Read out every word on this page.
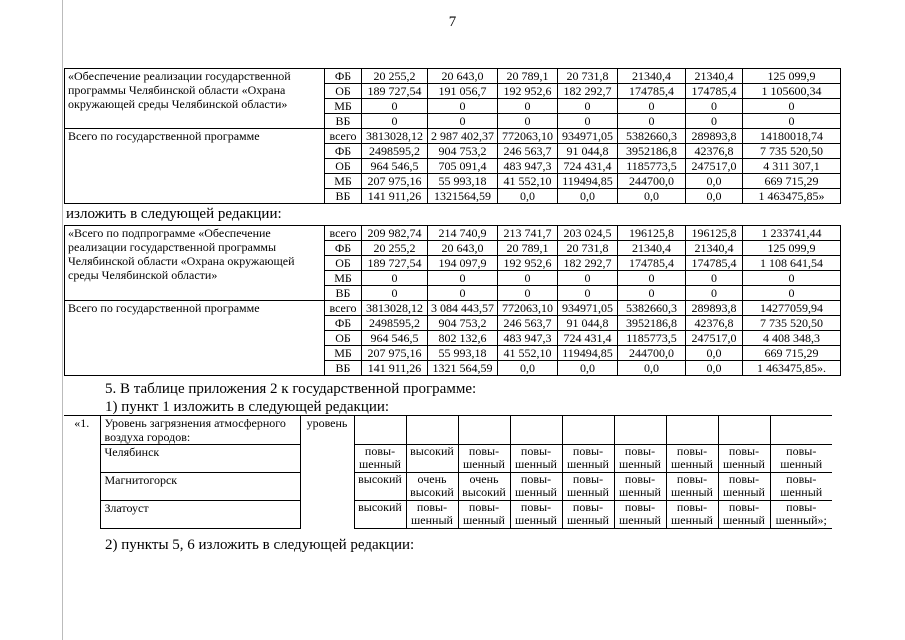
7
«Обеспечение реализации государственной программы Челябинской области «Охрана окружающей среды Челябинской области»	ФБ	20 255,2	20 643,0	20 789,1	20 731,8	21340,4	21340,4	125 099,9
	ОБ	189 727,54	191 056,7	192 952,6	182 292,7	174785,4	174785,4	1 105600,34
	МБ	0	0	0	0	0	0	0
	ВБ	0	0	0	0	0	0	0
Всего по государственной программе	всего	3813028,12	2 987 402,37	772063,10	934971,05	5382660,3	289893,8	14180018,74
	ФБ	2498595,2	904 753,2	246 563,7	91 044,8	3952186,8	42376,8	7 735 520,50
	ОБ	964 546,5	705 091,4	483 947,3	724 431,4	1185773,5	247517,0	4 311 307,1
	МБ	207 975,16	55 993,18	41 552,10	119494,85	244700,0	0,0	669 715,29
	ВБ	141 911,26	1321564,59	0,0	0,0	0,0	0,0	1 463475,85»
изложить в следующей редакции:
«Всего по подпрограмме «Обеспечение реализации государственной программы Челябинской области «Охрана окружающей среды Челябинской области»	всего	209 982,74	214 740,9	213 741,7	203 024,5	196125,8	196125,8	1 233741,44
	ФБ	20 255,2	20 643,0	20 789,1	20 731,8	21340,4	21340,4	125 099,9
	ОБ	189 727,54	194 097,9	192 952,6	182 292,7	174785,4	174785,4	1 108 641,54
	МБ	0	0	0	0	0	0	0
	ВБ	0	0	0	0	0	0	0
Всего по государственной программе	всего	3813028,12	3 084 443,57	772063,10	934971,05	5382660,3	289893,8	14277059,94
	ФБ	2498595,2	904 753,2	246 563,7	91 044,8	3952186,8	42376,8	7 735 520,50
	ОБ	964 546,5	802 132,6	483 947,3	724 431,4	1185773,5	247517,0	4 408 348,3
	МБ	207 975,16	55 993,18	41 552,10	119494,85	244700,0	0,0	669 715,29
	ВБ	141 911,26	1321 564,59	0,0	0,0	0,0	0,0	1 463475,85».
5. В таблице приложения 2 к государственной программе:
1) пункт 1 изложить в следующей редакции:
«1.	Уровень загрязнения атмосферного воздуха городов:	уровень									
	Челябинск		повы- шенный	высокий	повы- шенный	повы- шенный	повы- шенный	повы- шенный	повы- шенный	повы- шенный	повы- шенный
	Магнитогорск		высокий	очень высокий	очень высокий	повы- шенный	повы- шенный	повы- шенный	повы- шенный	повы- шенный	повы- шенный
	Златоуст		высокий	повы- шенный	повы- шенный	повы- шенный	повы- шенный	повы- шенный	повы- шенный	повы- шенный	повы- шенный»;
2) пункты 5, 6 изложить в следующей редакции:
